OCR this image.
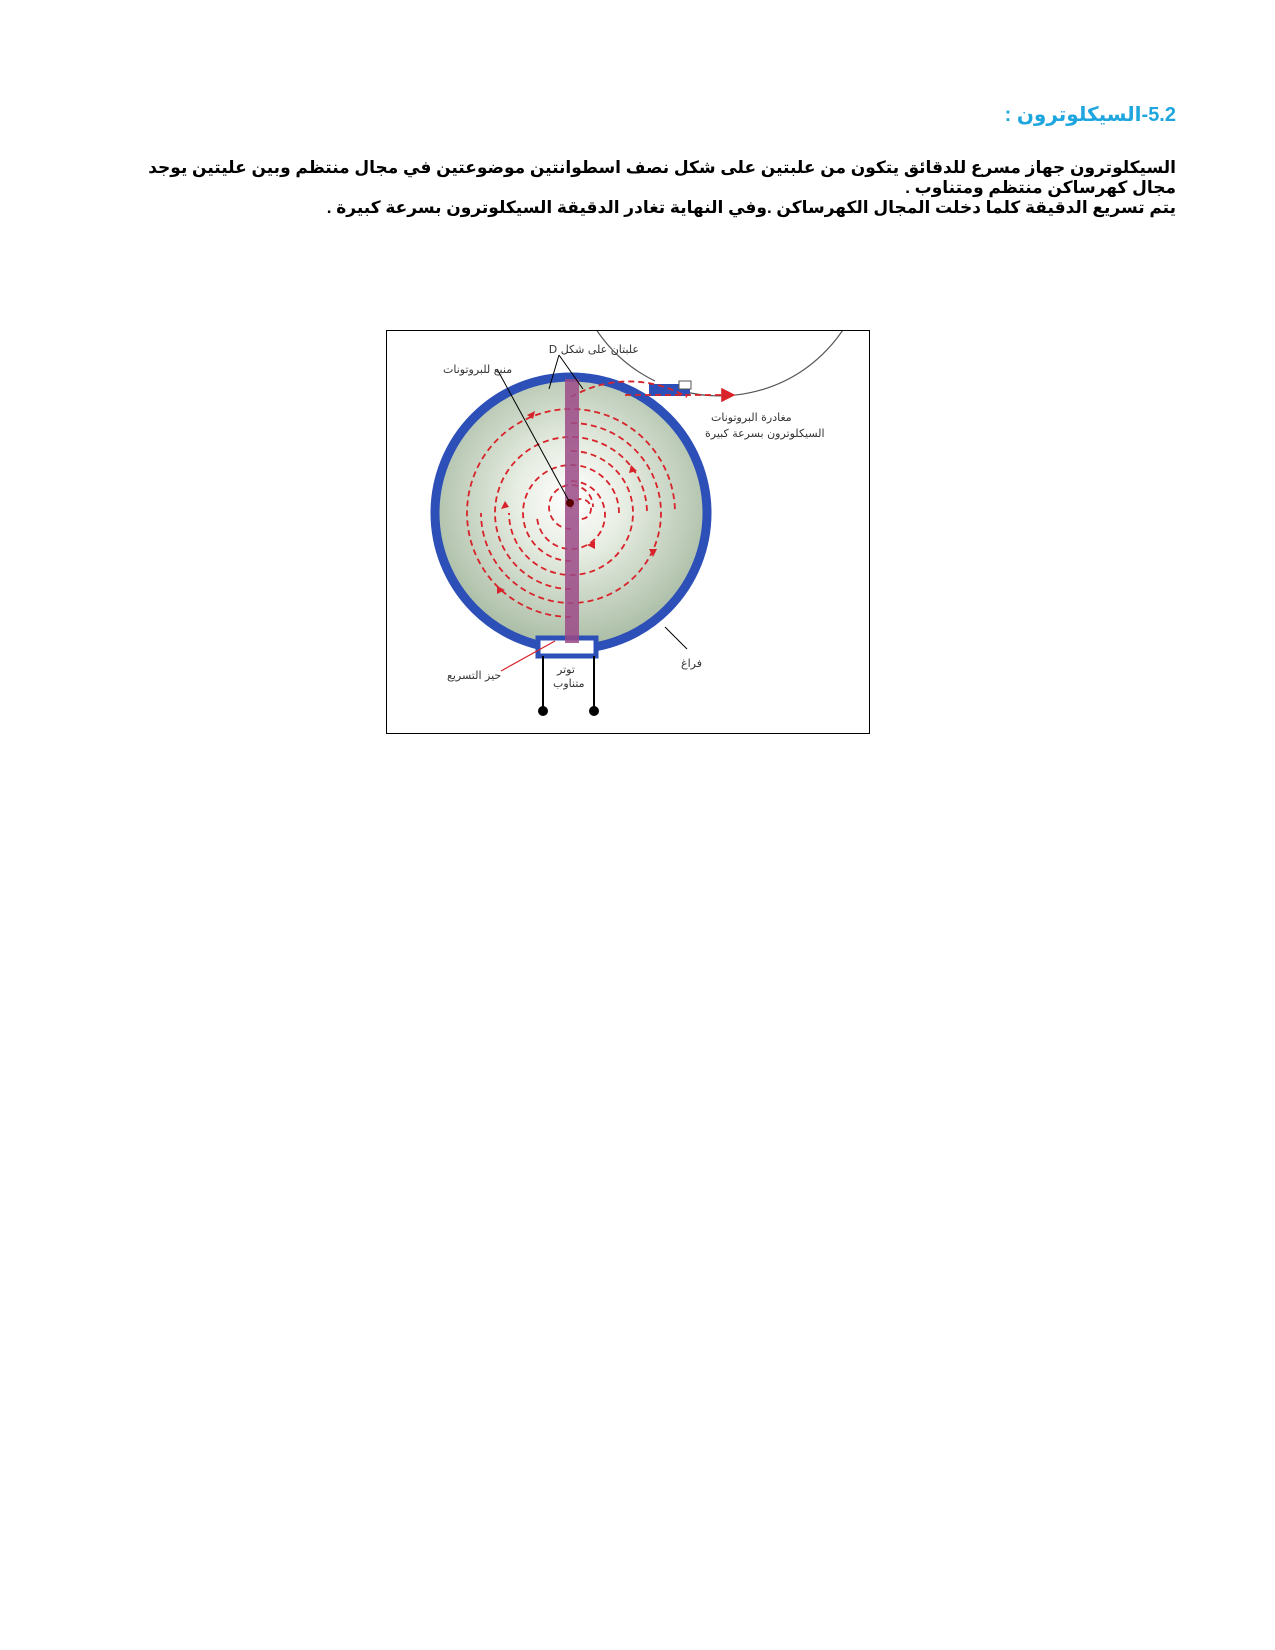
5.2-السيكلوترون :

السيكلوترون جهاز مسرع للدقائق يتكون من علبتين على شكل نصف اسطوانتين موضوعتين في مجال منتظم وبين عليتين يوجد مجال كهرساكن منتظم ومتناوب .

يتم تسريع الدقيقة كلما دخلت المجال الكهرساكن .وفي النهاية تغادر الدقيقة السيكلوترون بسرعة كبيرة .

علبتان على شكل D
منبع للبروتونات
مغادرة البروتونات
السيكلوترون بسرعة كبيرة
فراغ
حيز التسريع	توتر
متناوب
